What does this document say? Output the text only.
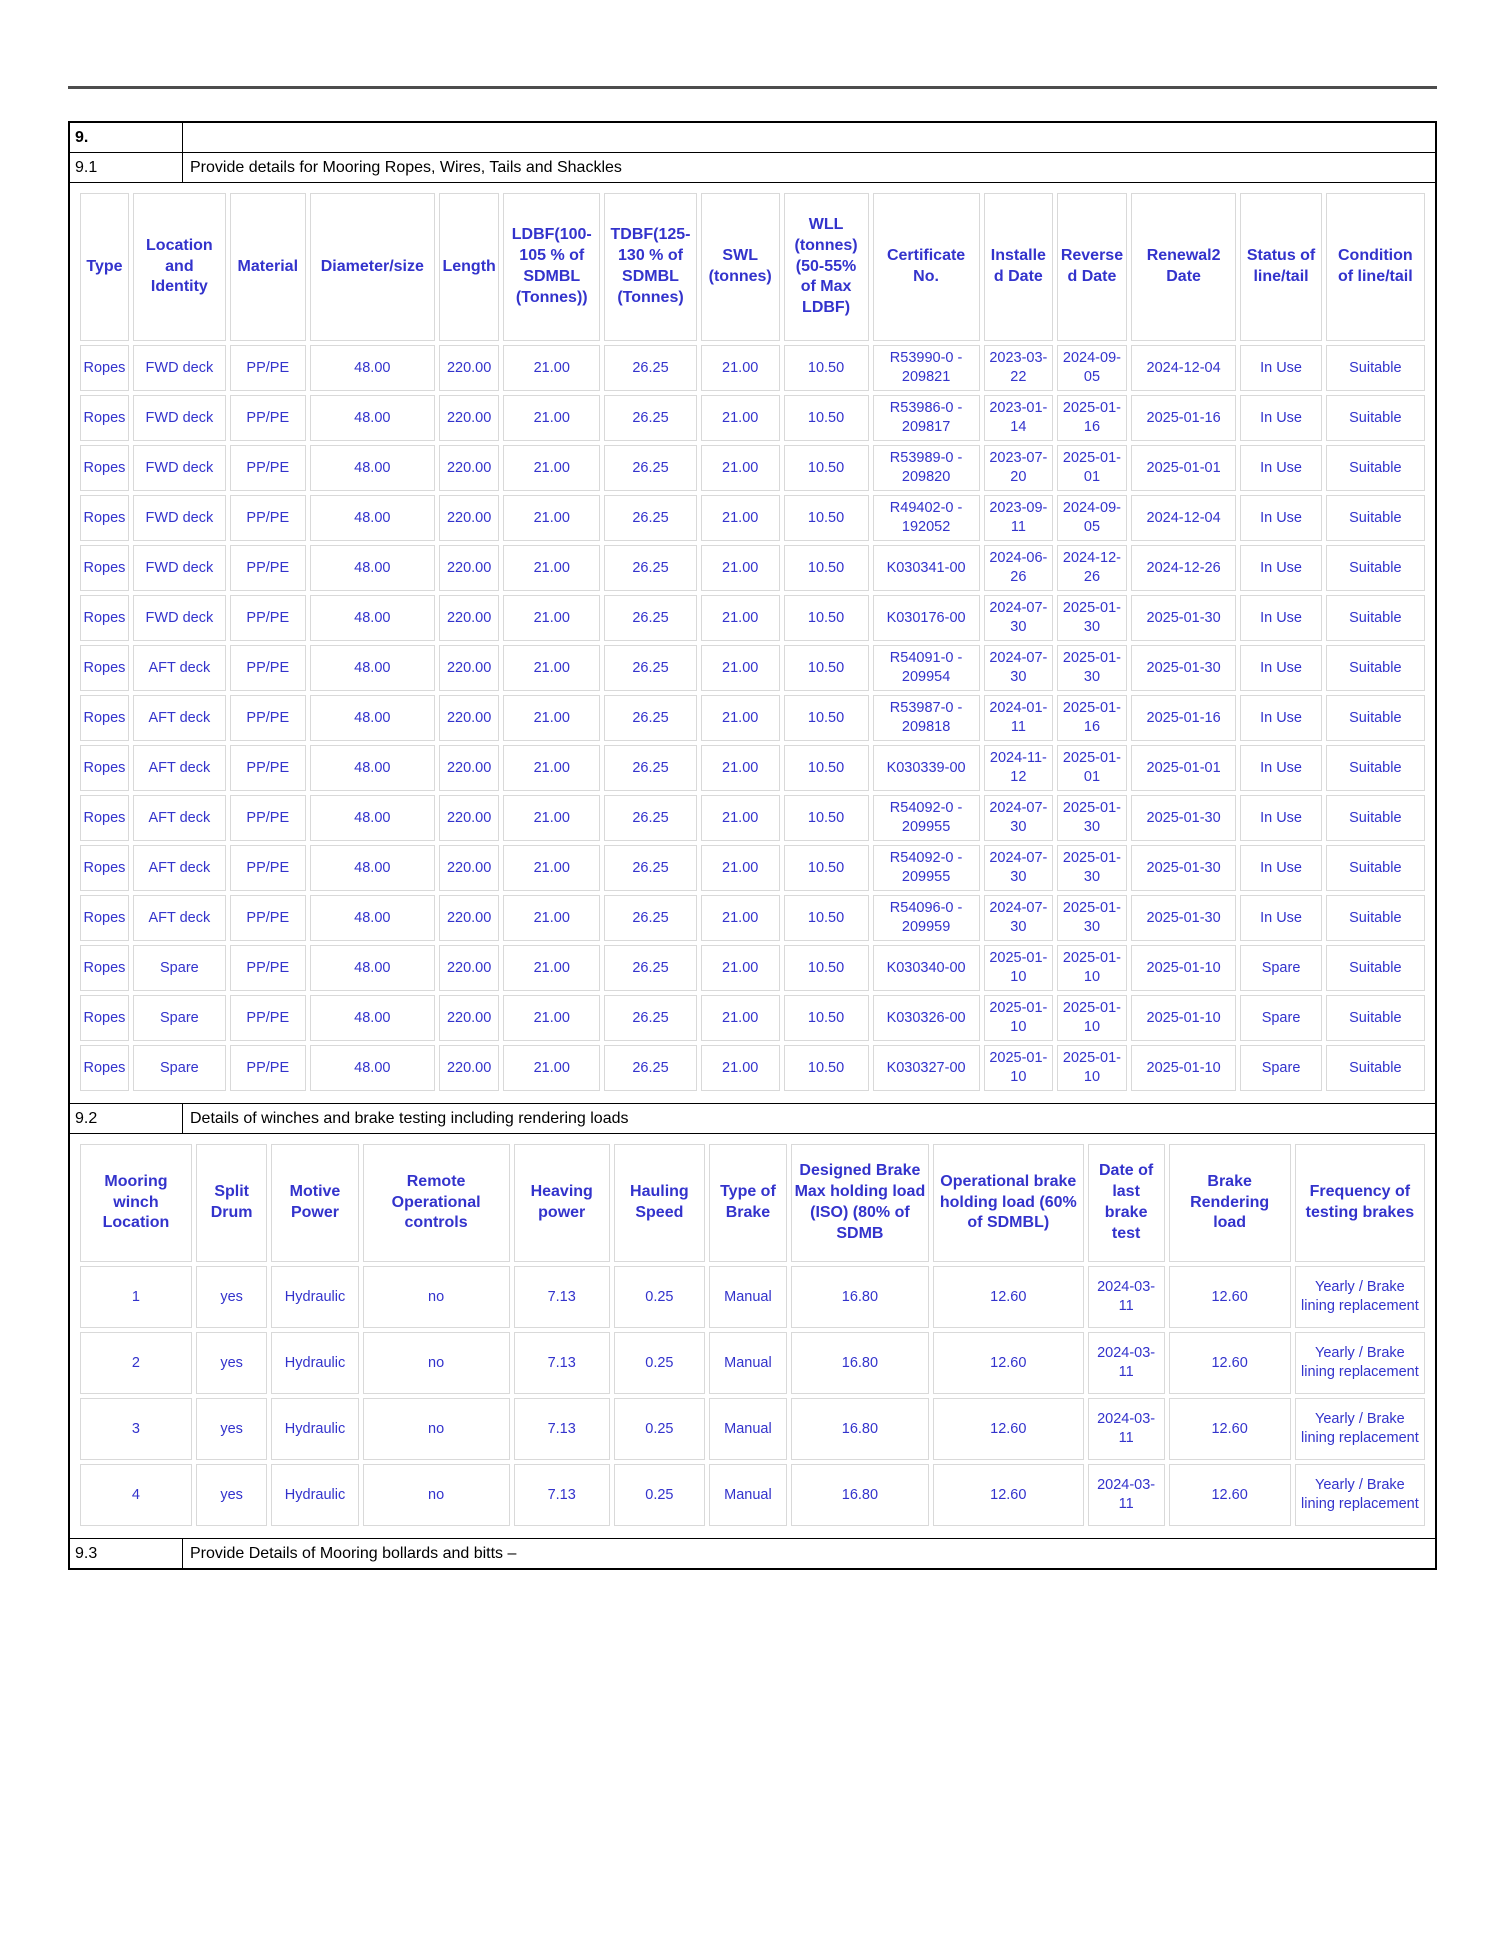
9.
9.1	Provide details for Mooring Ropes, Wires, Tails and Shackles
Type	Location and Identity	Material	Diameter/size	Length	LDBF(100-105 % of SDMBL (Tonnes))	TDBF(125-130 % of SDMBL (Tonnes)	SWL (tonnes)	WLL (tonnes) (50-55% of Max LDBF)	Certificate No.	Installed Date	Reversed Date	Renewal2 Date	Status of line/tail	Condition of line/tail
Ropes	FWD deck	PP/PE	48.00	220.00	21.00	26.25	21.00	10.50	R53990-0 - 209821	2023-03-22	2024-09-05	2024-12-04	In Use	Suitable
Ropes	FWD deck	PP/PE	48.00	220.00	21.00	26.25	21.00	10.50	R53986-0 - 209817	2023-01-14	2025-01-16	2025-01-16	In Use	Suitable
Ropes	FWD deck	PP/PE	48.00	220.00	21.00	26.25	21.00	10.50	R53989-0 - 209820	2023-07-20	2025-01-01	2025-01-01	In Use	Suitable
Ropes	FWD deck	PP/PE	48.00	220.00	21.00	26.25	21.00	10.50	R49402-0 - 192052	2023-09-11	2024-09-05	2024-12-04	In Use	Suitable
Ropes	FWD deck	PP/PE	48.00	220.00	21.00	26.25	21.00	10.50	K030341-00	2024-06-26	2024-12-26	2024-12-26	In Use	Suitable
Ropes	FWD deck	PP/PE	48.00	220.00	21.00	26.25	21.00	10.50	K030176-00	2024-07-30	2025-01-30	2025-01-30	In Use	Suitable
Ropes	AFT deck	PP/PE	48.00	220.00	21.00	26.25	21.00	10.50	R54091-0 - 209954	2024-07-30	2025-01-30	2025-01-30	In Use	Suitable
Ropes	AFT deck	PP/PE	48.00	220.00	21.00	26.25	21.00	10.50	R53987-0 - 209818	2024-01-11	2025-01-16	2025-01-16	In Use	Suitable
Ropes	AFT deck	PP/PE	48.00	220.00	21.00	26.25	21.00	10.50	K030339-00	2024-11-12	2025-01-01	2025-01-01	In Use	Suitable
Ropes	AFT deck	PP/PE	48.00	220.00	21.00	26.25	21.00	10.50	R54092-0 - 209955	2024-07-30	2025-01-30	2025-01-30	In Use	Suitable
Ropes	AFT deck	PP/PE	48.00	220.00	21.00	26.25	21.00	10.50	R54092-0 - 209955	2024-07-30	2025-01-30	2025-01-30	In Use	Suitable
Ropes	AFT deck	PP/PE	48.00	220.00	21.00	26.25	21.00	10.50	R54096-0 - 209959	2024-07-30	2025-01-30	2025-01-30	In Use	Suitable
Ropes	Spare	PP/PE	48.00	220.00	21.00	26.25	21.00	10.50	K030340-00	2025-01-10	2025-01-10	2025-01-10	Spare	Suitable
Ropes	Spare	PP/PE	48.00	220.00	21.00	26.25	21.00	10.50	K030326-00	2025-01-10	2025-01-10	2025-01-10	Spare	Suitable
Ropes	Spare	PP/PE	48.00	220.00	21.00	26.25	21.00	10.50	K030327-00	2025-01-10	2025-01-10	2025-01-10	Spare	Suitable
9.2	Details of winches and brake testing including rendering loads
Mooring winch Location	Split Drum	Motive Power	Remote Operational controls	Heaving power	Hauling Speed	Type of Brake	Designed Brake Max holding load (ISO) (80% of SDMB	Operational brake holding load (60% of SDMBL)	Date of last brake test	Brake Rendering load	Frequency of testing brakes
1	yes	Hydraulic	no	7.13	0.25	Manual	16.80	12.60	2024-03-11	12.60	Yearly / Brake lining replacement
2	yes	Hydraulic	no	7.13	0.25	Manual	16.80	12.60	2024-03-11	12.60	Yearly / Brake lining replacement
3	yes	Hydraulic	no	7.13	0.25	Manual	16.80	12.60	2024-03-11	12.60	Yearly / Brake lining replacement
4	yes	Hydraulic	no	7.13	0.25	Manual	16.80	12.60	2024-03-11	12.60	Yearly / Brake lining replacement
9.3	Provide Details of Mooring bollards and bitts –
